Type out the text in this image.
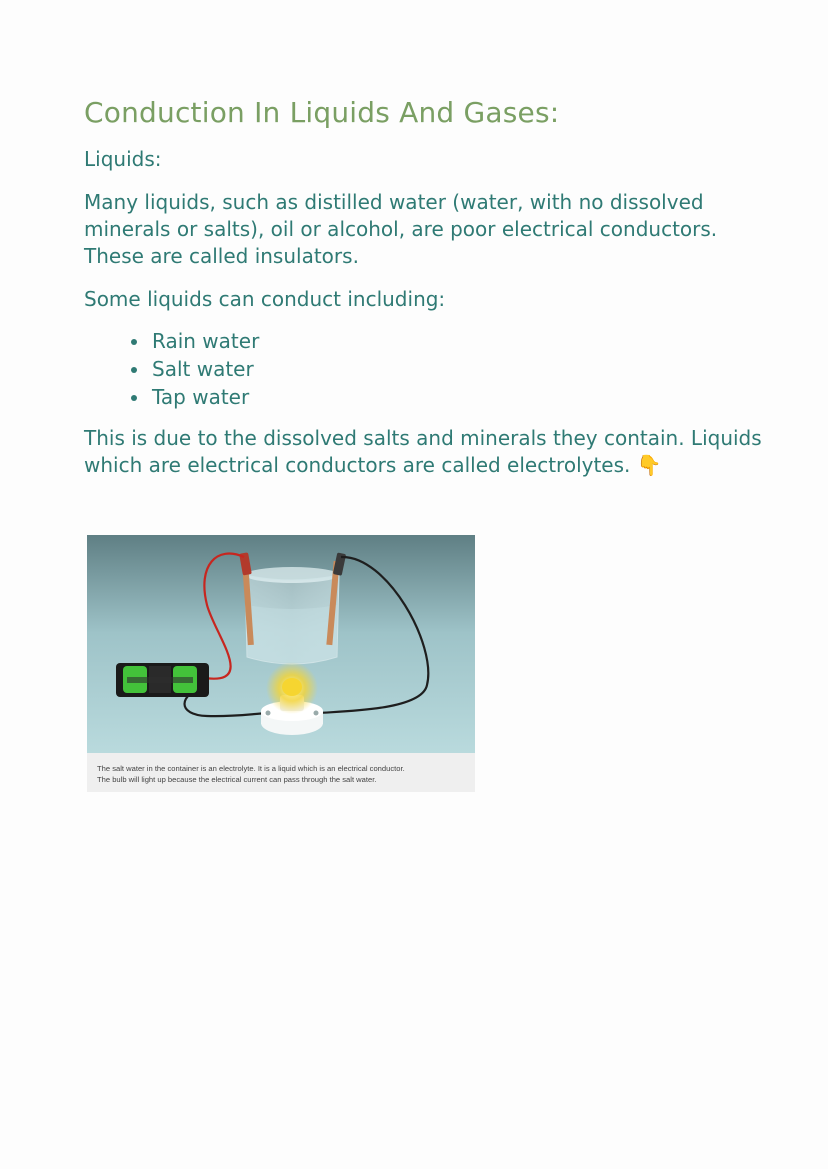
Conduction In Liquids And Gases:

Liquids:

Many liquids, such as distilled water (water, with no dissolved minerals or salts), oil or alcohol, are poor electrical conductors. These are called insulators.

Some liquids can conduct including:

• Rain water
• Salt water
• Tap water

This is due to the dissolved salts and minerals they contain. Liquids which are electrical conductors are called electrolytes. 👇

The salt water in the container is an electrolyte. It is a liquid which is an electrical conductor.
The bulb will light up because the electrical current can pass through the salt water.
